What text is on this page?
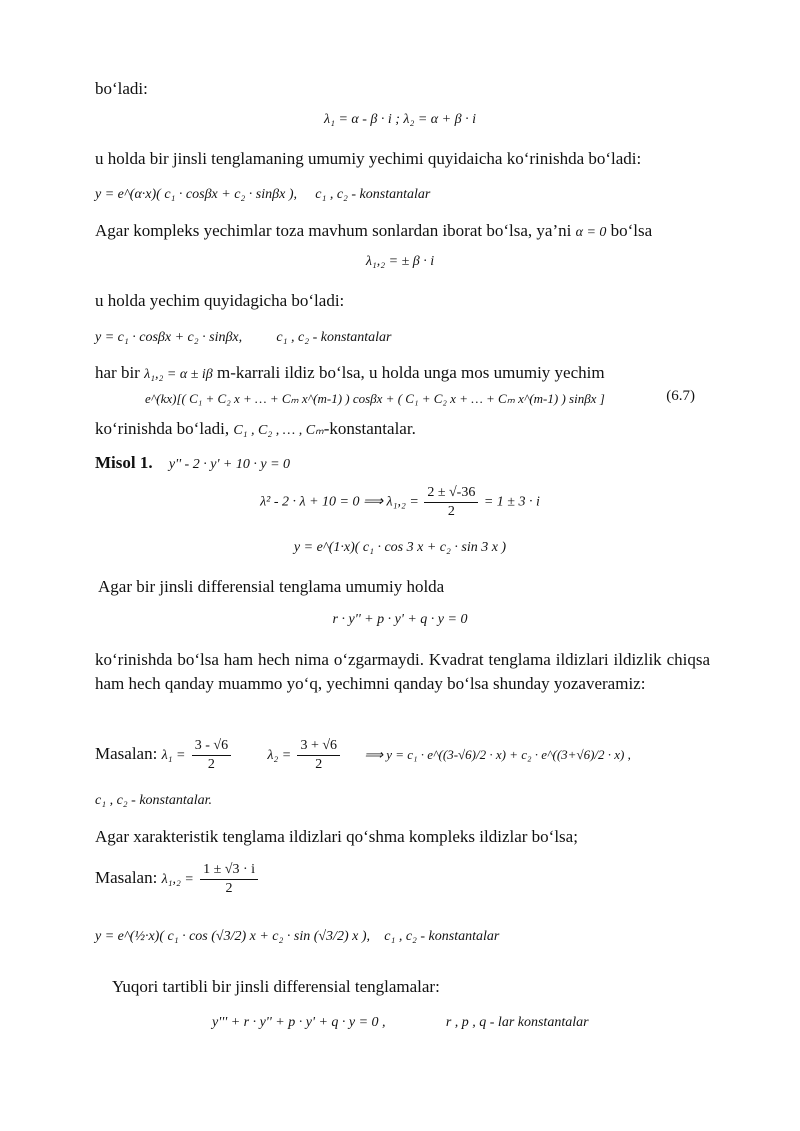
bo‘ladi:
λ₁ = α - β · i ; λ₂ = α + β · i
u holda bir jinsli tenglamaning umumiy yechimi quyidaicha ko‘rinishda bo‘ladi:
y = e^(α·x)( c₁ · cosβx + c₂ · sinβx ), c₁ , c₂ - konstantalar
Agar kompleks yechimlar toza mavhum sonlardan iborat bo‘lsa, ya’ni α = 0 bo‘lsa
λ₁,₂ = ± β · i
u holda yechim quyidagicha bo‘ladi:
y = c₁ · cosβx + c₂ · sinβx, c₁ , c₂ - konstantalar
har bir λ₁,₂ = α ± iβ m-karrali ildiz bo‘lsa, u holda unga mos umumiy yechim
e^(kx)[( C₁ + C₂ x + … + Cₘ x^(m-1) ) cosβx + ( C₁ + C₂ x + … + Cₘ x^(m-1) ) sinβx ]	(6.7)
ko‘rinishda bo‘ladi, C₁ , C₂ , … , Cₘ-konstantalar.
Misol 1. y'' - 2 · y' + 10 · y = 0
λ² - 2 · λ + 10 = 0 ⟹ $\lambda_1,_2 = \frac{2 \pm √-36}{2} = 1 \pm 3 \cdot i$
y = e^(1·x)( c₁ · cos 3 x + c₂ · sin 3 x )
Agar bir jinsli differensial tenglama umumiy holda
r · y'' + p · y' + q · y = 0
ko‘rinishda bo‘lsa ham hech nima o‘zgarmaydi. Kvadrat tenglama ildizlari ildizlik chiqsa ham hech qanday muammo yo‘q, yechimni qanday bo‘lsa shunday yozaveramiz:
Masalan: $\lambda_1 = \frac{3 - √6}{2}$	$\lambda_2 = \frac{3 + √6}{2}$ ⟹ y = c₁ · e^((3-√6)/2 · x) + c₂ · e^((3+√6)/2 · x) ,
c₁ , c₂ - konstantalar.
Agar xarakteristik tenglama ildizlari qo‘shma kompleks ildizlar bo‘lsa;
Masalan: $\lambda_1,_2 = \frac{1 \pm √3 \cdot i}{2}$
y = e^(½·x)( c₁ · cos (√3/2) x + c₂ · sin (√3/2) x ), c₁ , c₂ - konstantalar
Yuqori tartibli bir jinsli differensial tenglamalar:
y''' + r · y'' + p · y' + q · y = 0 ,	r , p , q - lar konstantalar
